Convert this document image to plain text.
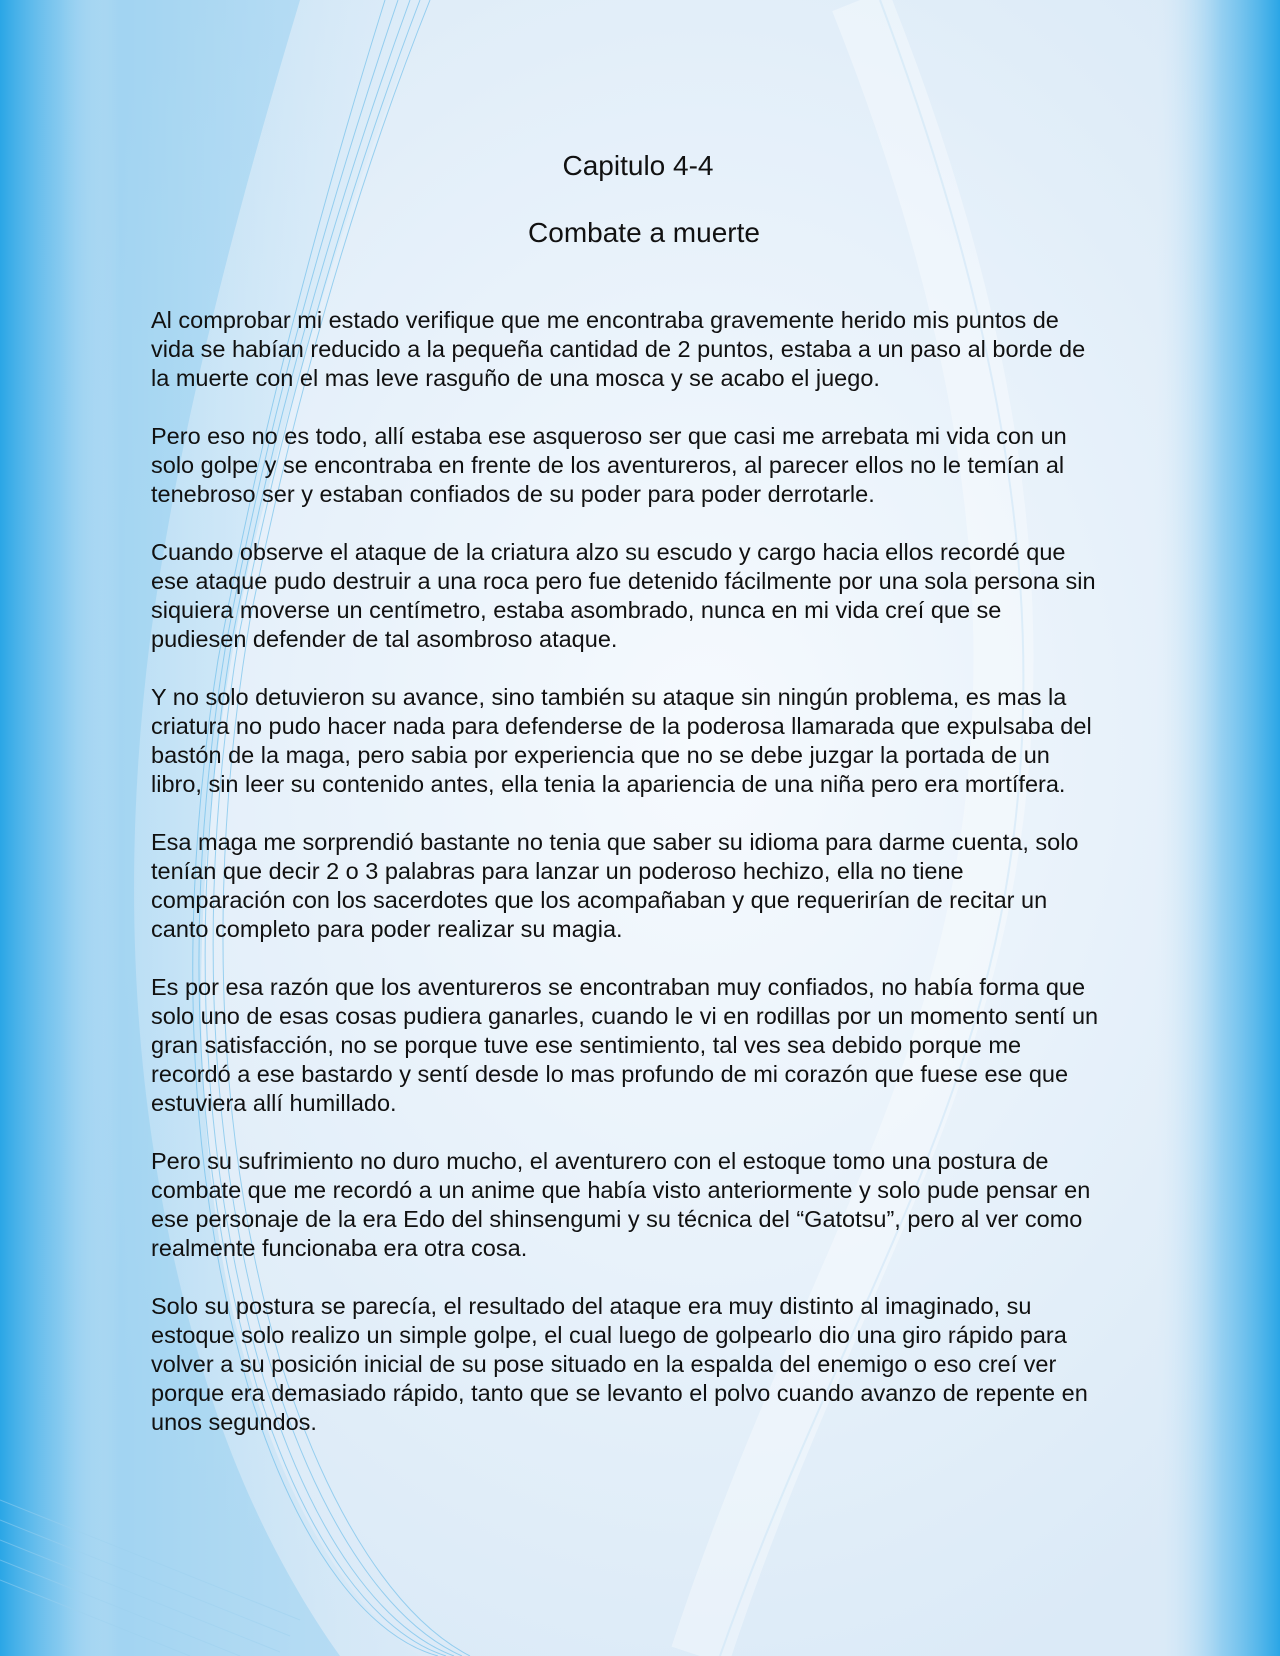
Capitulo 4-4
Combate a muerte

Al comprobar mi estado verifique que me encontraba gravemente herido mis puntos de vida se habían reducido a la pequeña cantidad de 2 puntos, estaba a un paso al borde de la muerte con el mas leve rasguño de una mosca y se acabo el juego.

Pero eso no es todo, allí estaba ese asqueroso ser que casi me arrebata mi vida con un solo golpe y se encontraba en frente de los aventureros, al parecer ellos no le temían al tenebroso ser y estaban confiados de su poder para poder derrotarle.

Cuando observe el ataque de la criatura alzo su escudo y cargo hacia ellos recordé que ese ataque pudo destruir a una roca pero fue detenido fácilmente por una sola persona sin siquiera moverse un centímetro, estaba asombrado, nunca en mi vida creí que se pudiesen defender de tal asombroso ataque.

Y no solo detuvieron su avance, sino también su ataque sin ningún problema, es mas la criatura no pudo hacer nada para defenderse de la poderosa llamarada que expulsaba del bastón de la maga, pero sabia por experiencia que no se debe juzgar la portada de un libro, sin leer su contenido antes, ella tenia la apariencia de una niña pero era mortífera.

Esa maga me sorprendió bastante no tenia que saber su idioma para darme cuenta, solo tenían que decir 2 o 3 palabras para lanzar un poderoso hechizo, ella no tiene comparación con los sacerdotes que los acompañaban y que requerirían de recitar un canto completo para poder realizar su magia.

Es por esa razón que los aventureros se encontraban muy confiados, no había forma que solo uno de esas cosas pudiera ganarles, cuando le vi en rodillas por un momento sentí un gran satisfacción, no se porque tuve ese sentimiento, tal ves sea debido porque me recordó a ese bastardo y sentí desde lo mas profundo de mi corazón que fuese ese que estuviera allí humillado.

Pero su sufrimiento no duro mucho, el aventurero con el estoque tomo una postura de combate que me recordó a un anime que había visto anteriormente y solo pude pensar en ese personaje de la era Edo del shinsengumi y su técnica del “Gatotsu”, pero al ver como realmente funcionaba era otra cosa.

Solo su postura se parecía, el resultado del ataque era muy distinto al imaginado, su estoque solo realizo un simple golpe, el cual luego de golpearlo dio una giro rápido para volver a su posición inicial de su pose situado en la espalda del enemigo o eso creí ver porque era demasiado rápido, tanto que se levanto el polvo cuando avanzo de repente en unos segundos.
